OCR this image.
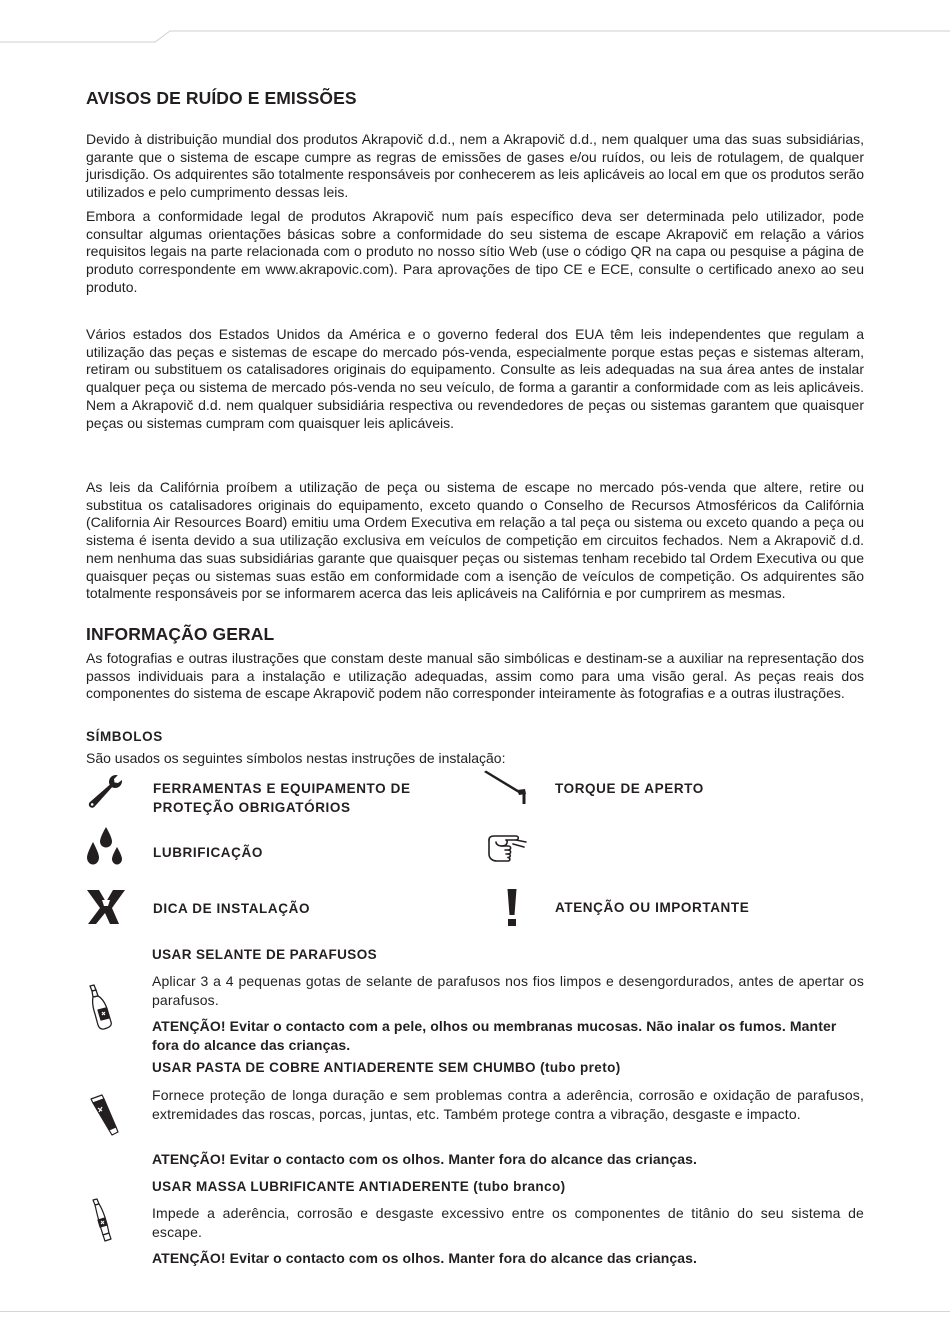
AVISOS DE RUÍDO E EMISSÕES

Devido à distribuição mundial dos produtos Akrapovič d.d., nem a Akrapovič d.d., nem qualquer uma das suas subsidiárias, garante que o sistema de escape cumpre as regras de emissões de gases e/ou ruídos, ou leis de rotulagem, de qualquer jurisdição. Os adquirentes são totalmente responsáveis por conhecerem as leis aplicáveis ao local em que os produtos serão utilizados e pelo cumprimento dessas leis.

Embora a conformidade legal de produtos Akrapovič num país específico deva ser determinada pelo utilizador, pode consultar algumas orientações básicas sobre a conformidade do seu sistema de escape Akrapovič em relação a vários requisitos legais na parte relacionada com o produto no nosso sítio Web (use o código QR na capa ou pesquise a página de produto correspondente em www.akrapovic.com). Para aprovações de tipo CE e ECE, consulte o certificado anexo ao seu produto.

Vários estados dos Estados Unidos da América e o governo federal dos EUA têm leis independentes que regulam a utilização das peças e sistemas de escape do mercado pós-venda, especialmente porque estas peças e sistemas alteram, retiram ou substituem os catalisadores originais do equipamento. Consulte as leis adequadas na sua área antes de instalar qualquer peça ou sistema de mercado pós-venda no seu veículo, de forma a garantir a conformidade com as leis aplicáveis. Nem a Akrapovič d.d. nem qualquer subsidiária respectiva ou revendedores de peças ou sistemas garantem que quaisquer peças ou sistemas cumpram com quaisquer leis aplicáveis.

As leis da Califórnia proíbem a utilização de peça ou sistema de escape no mercado pós-venda que altere, retire ou substitua os catalisadores originais do equipamento, exceto quando o Conselho de Recursos Atmosféricos da Califórnia (California Air Resources Board) emitiu uma Ordem Executiva em relação a tal peça ou sistema ou exceto quando a peça ou sistema é isenta devido a sua utilização exclusiva em veículos de competição em circuitos fechados. Nem a Akrapovič d.d. nem nenhuma das suas subsidiárias garante que quaisquer peças ou sistemas tenham recebido tal Ordem Executiva ou que quaisquer peças ou sistemas suas estão em conformidade com a isenção de veículos de competição. Os adquirentes são totalmente responsáveis por se informarem acerca das leis aplicáveis na Califórnia e por cumprirem as mesmas.

INFORMAÇÃO GERAL

As fotografias e outras ilustrações que constam deste manual são simbólicas e destinam-se a auxiliar na representação dos passos individuais para a instalação e utilização adequadas, assim como para uma visão geral. As peças reais dos componentes do sistema de escape Akrapovič podem não corresponder inteiramente às fotografias e a outras ilustrações.

SÍMBOLOS
São usados os seguintes símbolos nestas instruções de instalação:
FERRAMENTAS E EQUIPAMENTO DE
PROTEÇÃO OBRIGATÓRIOS
TORQUE DE APERTO
LUBRIFICAÇÃO
DICA DE INSTALAÇÃO	ATENÇÃO OU IMPORTANTE
USAR SELANTE DE PARAFUSOS

Aplicar 3 a 4 pequenas gotas de selante de parafusos nos fios limpos e desengordurados, antes de apertar os parafusos.

ATENÇÃO! Evitar o contacto com a pele, olhos ou membranas mucosas. Não inalar os fumos. Manter fora do alcance das crianças.

USAR PASTA DE COBRE ANTIADERENTE SEM CHUMBO (tubo preto)

Fornece proteção de longa duração e sem problemas contra a aderência, corrosão e oxidação de parafusos, extremidades das roscas, porcas, juntas, etc. Também protege contra a vibração, desgaste e impacto.

ATENÇÃO! Evitar o contacto com os olhos. Manter fora do alcance das crianças.

USAR MASSA LUBRIFICANTE ANTIADERENTE (tubo branco)

Impede a aderência, corrosão e desgaste excessivo entre os componentes de titânio do seu sistema de escape.

ATENÇÃO! Evitar o contacto com os olhos. Manter fora do alcance das crianças.
